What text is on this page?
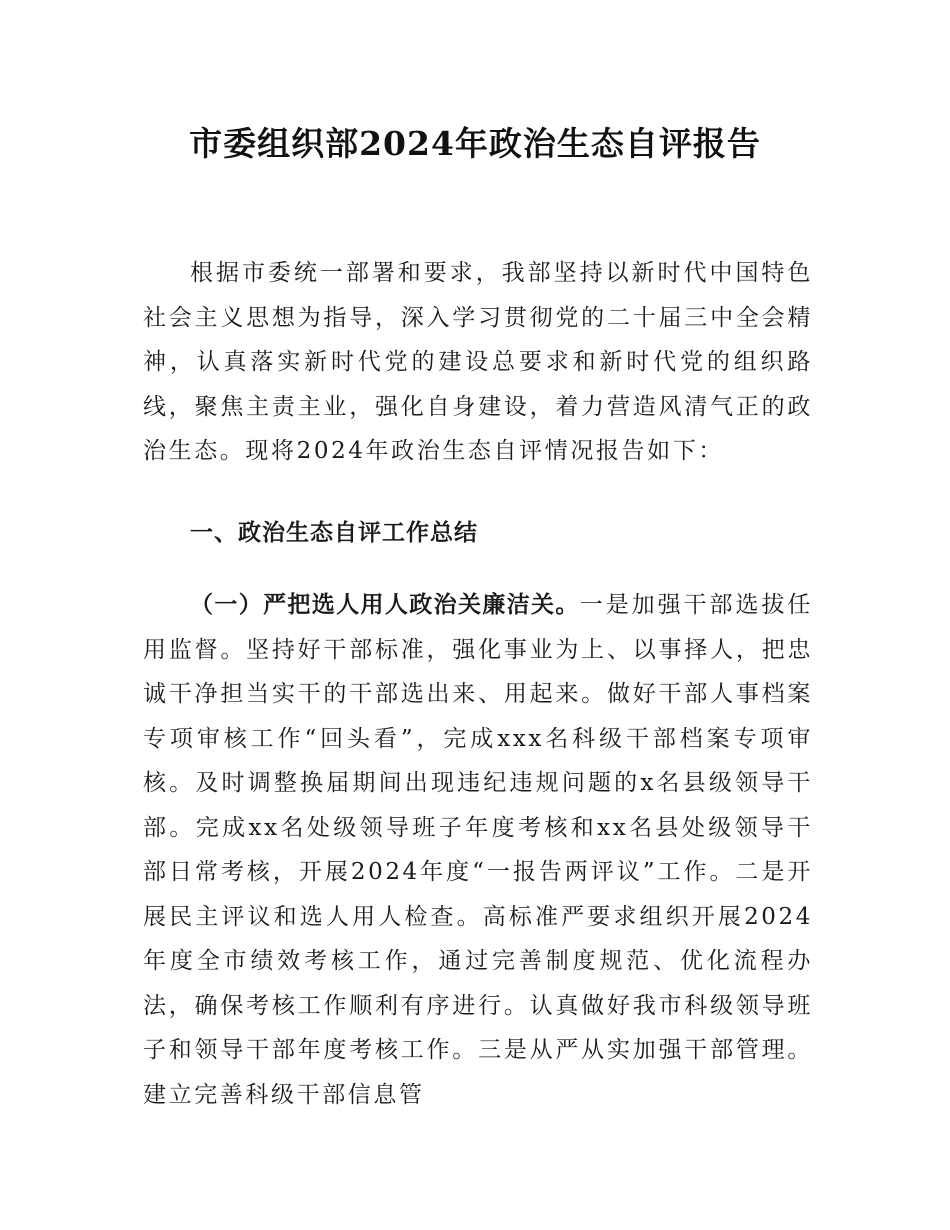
市委组织部2024年政治生态自评报告

根据市委统一部署和要求，我部坚持以新时代中国特色社会主义思想为指导，深入学习贯彻党的二十届三中全会精神，认真落实新时代党的建设总要求和新时代党的组织路线，聚焦主责主业，强化自身建设，着力营造风清气正的政治生态。现将2024年政治生态自评情况报告如下：

一、政治生态自评工作总结

（一）严把选人用人政治关廉洁关。一是加强干部选拔任用监督。坚持好干部标准，强化事业为上、以事择人，把忠诚干净担当实干的干部选出来、用起来。做好干部人事档案专项审核工作“回头看”，完成xxx名科级干部档案专项审核。及时调整换届期间出现违纪违规问题的x名县级领导干部。完成xx名处级领导班子年度考核和xx名县处级领导干部日常考核，开展2024年度“一报告两评议”工作。二是开展民主评议和选人用人检查。高标准严要求组织开展2024年度全市绩效考核工作，通过完善制度规范、优化流程办法，确保考核工作顺利有序进行。认真做好我市科级领导班子和领导干部年度考核工作。三是从严从实加强干部管理。建立完善科级干部信息管
